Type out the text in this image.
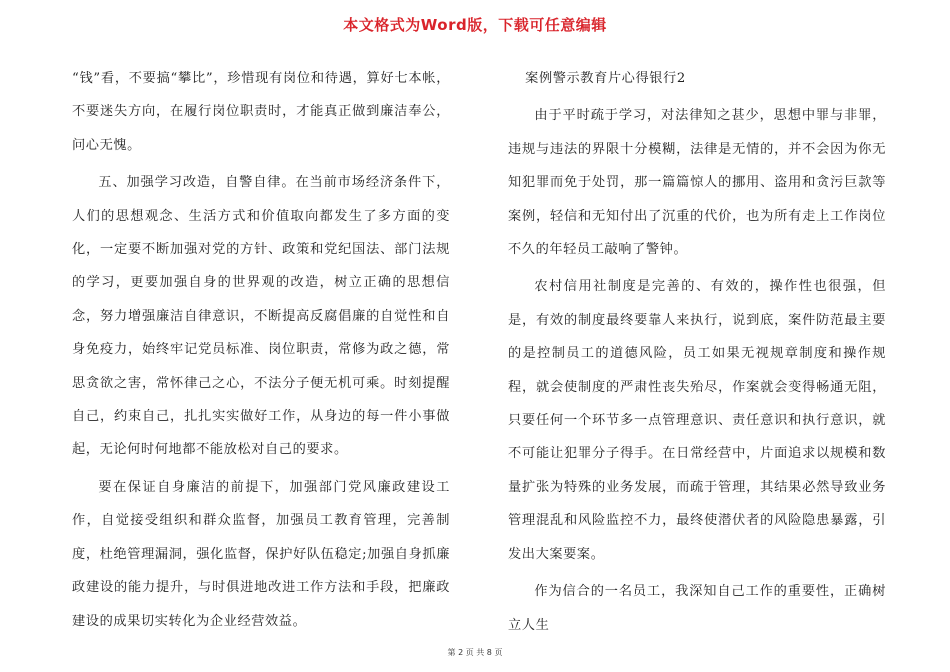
本文格式为Word版，下载可任意编辑

“钱”看，不要搞“攀比”，珍惜现有岗位和待遇，算好七本帐，不要迷失方向，在履行岗位职责时，才能真正做到廉洁奉公，问心无愧。

五、加强学习改造，自警自律。在当前市场经济条件下，人们的思想观念、生活方式和价值取向都发生了多方面的变化，一定要不断加强对党的方针、政策和党纪国法、部门法规的学习，更要加强自身的世界观的改造，树立正确的思想信念，努力增强廉洁自律意识，不断提高反腐倡廉的自觉性和自身免疫力，始终牢记党员标准、岗位职责，常修为政之德，常思贪欲之害，常怀律己之心，不法分子便无机可乘。时刻提醒自己，约束自己，扎扎实实做好工作，从身边的每一件小事做起，无论何时何地都不能放松对自己的要求。

要在保证自身廉洁的前提下，加强部门党风廉政建设工作，自觉接受组织和群众监督，加强员工教育管理，完善制度，杜绝管理漏洞，强化监督，保护好队伍稳定;加强自身抓廉政建设的能力提升，与时俱进地改进工作方法和手段，把廉政建设的成果切实转化为企业经营效益。

案例警示教育片心得银行2

由于平时疏于学习，对法律知之甚少，思想中罪与非罪，违规与违法的界限十分模糊，法律是无情的，并不会因为你无知犯罪而免于处罚，那一篇篇惊人的挪用、盗用和贪污巨款等案例，轻信和无知付出了沉重的代价，也为所有走上工作岗位不久的年轻员工敲响了警钟。

农村信用社制度是完善的、有效的，操作性也很强，但是，有效的制度最终要靠人来执行，说到底，案件防范最主要的是控制员工的道德风险，员工如果无视规章制度和操作规程，就会使制度的严肃性丧失殆尽，作案就会变得畅通无阻，只要任何一个环节多一点管理意识、责任意识和执行意识，就不可能让犯罪分子得手。在日常经营中，片面追求以规模和数量扩张为特殊的业务发展，而疏于管理，其结果必然导致业务管理混乱和风险监控不力，最终使潜伏者的风险隐患暴露，引发出大案要案。

作为信合的一名员工，我深知自己工作的重要性，正确树立人生

第 2 页 共 8 页
